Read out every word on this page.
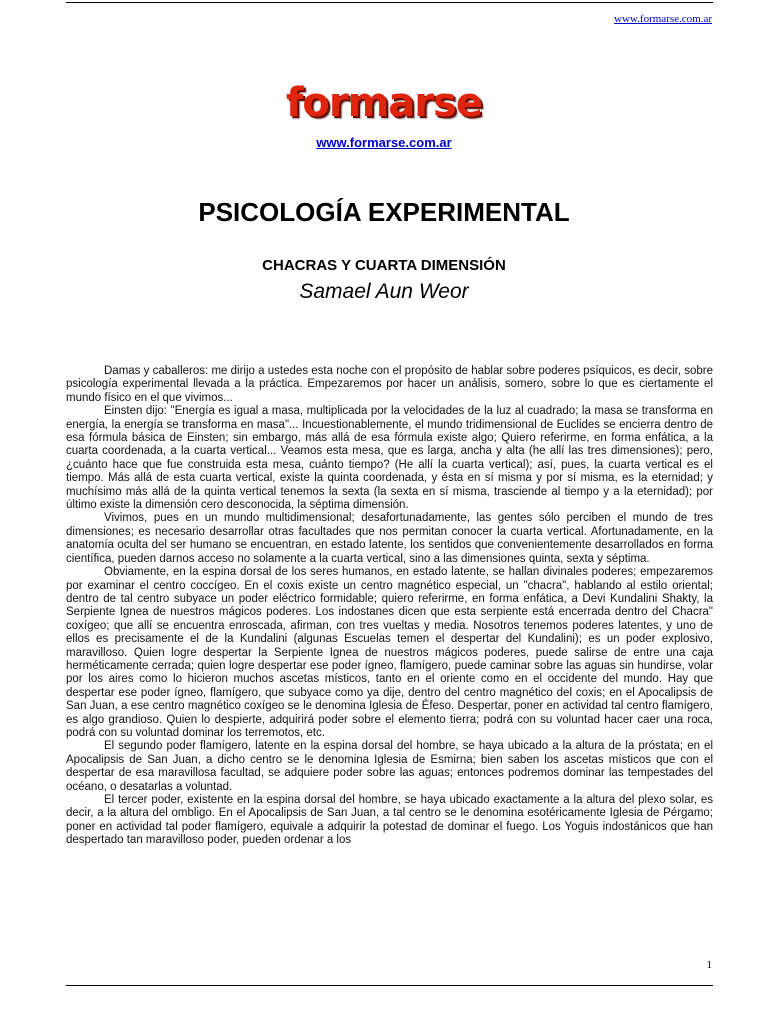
www.formarse.com.ar
formarse
www.formarse.com.ar
PSICOLOGÍA EXPERIMENTAL
CHACRAS Y CUARTA DIMENSIÓN
Samael Aun Weor

Damas y caballeros: me dirijo a ustedes esta noche con el propósito de hablar sobre poderes psíquicos, es decir, sobre psicología experimental llevada a la práctica. Empezaremos por hacer un análisis, somero, sobre lo que es ciertamente el mundo físico en el que vivimos...

Einsten dijo: "Energía es igual a masa, multiplicada por la velocidades de la luz al cuadrado; la masa se transforma en energía, la energía se transforma en masa"... Incuestionablemente, el mundo tridimensional de Euclides se encierra dentro de esa fórmula básica de Einsten; sin embargo, más allá de esa fórmula existe algo; Quiero referirme, en forma enfática, a la cuarta coordenada, a la cuarta vertical... Veamos esta mesa, que es larga, ancha y alta (he allí las tres dimensiones); pero, ¿cuánto hace que fue construida esta mesa, cuánto tiempo? (He allí la cuarta vertical); así, pues, la cuarta vertical es el tiempo. Más allá de esta cuarta vertical, existe la quinta coordenada, y ésta en sí misma y por sí misma, es la eternidad; y muchísimo más allá de la quinta vertical tenemos la sexta (la sexta en sí misma, trasciende al tiempo y a la eternidad); por último existe la dimensión cero desconocida, la séptima dimensión.

Vivimos, pues en un mundo multidimensional; desafortunadamente, las gentes sólo perciben el mundo de tres dimensiones; es necesario desarrollar otras facultades que nos permitan conocer la cuarta vertical. Afortunadamente, en la anatomía oculta del ser humano se encuentran, en estado latente, los sentidos que convenientemente desarrollados en forma científica, pueden darnos acceso no solamente a la cuarta vertical, sino a las dimensiones quinta, sexta y séptima.

Obviamente, en la espina dorsal de los seres humanos, en estado latente, se hallan divinales poderes; empezaremos por examinar el centro coccígeo. En el coxis existe un centro magnético especial, un "chacra", hablando al estilo oriental; dentro de tal centro subyace un poder eléctrico formidable; quiero referirme, en forma enfática, a Devi Kundalini Shakty, la Serpiente Ignea de nuestros mágicos poderes. Los indostanes dicen que esta serpiente está encerrada dentro del Chacra" coxígeo; que allí se encuentra enroscada, afirman, con tres vueltas y media. Nosotros tenemos poderes latentes, y uno de ellos es precisamente el de la Kundalini (algunas Escuelas temen el despertar del Kundalini); es un poder explosivo, maravilloso. Quien logre despertar la Serpiente Ignea de nuestros mágicos poderes, puede salirse de entre una caja herméticamente cerrada; quien logre despertar ese poder ígneo, flamígero, puede caminar sobre las aguas sin hundirse, volar por los aires como lo hicieron muchos ascetas místicos, tanto en el oriente como en el occidente del mundo. Hay que despertar ese poder ígneo, flamígero, que subyace como ya dije, dentro del centro magnético del coxis; en el Apocalipsis de San Juan, a ese centro magnético coxígeo se le denomina Iglesia de Éfeso. Despertar, poner en actividad tal centro flamígero, es algo grandioso. Quien lo despierte, adquirirá poder sobre el elemento tierra; podrá con su voluntad hacer caer una roca, podrá con su voluntad dominar los terremotos, etc.

El segundo poder flamígero, latente en la espina dorsal del hombre, se haya ubicado a la altura de la próstata; en el Apocalipsis de San Juan, a dicho centro se le denomina Iglesia de Esmirna; bien saben los ascetas místicos que con el despertar de esa maravillosa facultad, se adquiere poder sobre las aguas; entonces podremos dominar las tempestades del océano, o desatarlas a voluntad.

El tercer poder, existente en la espina dorsal del hombre, se haya ubicado exactamente a la altura del plexo solar, es decir, a la altura del ombligo. En el Apocalipsis de San Juan, a tal centro se le denomina esotéricamente Iglesia de Pérgamo; poner en actividad tal poder flamígero, equivale a adquirir la potestad de dominar el fuego. Los Yoguis indostánicos que han despertado tan maravilloso poder, pueden ordenar a los

1
